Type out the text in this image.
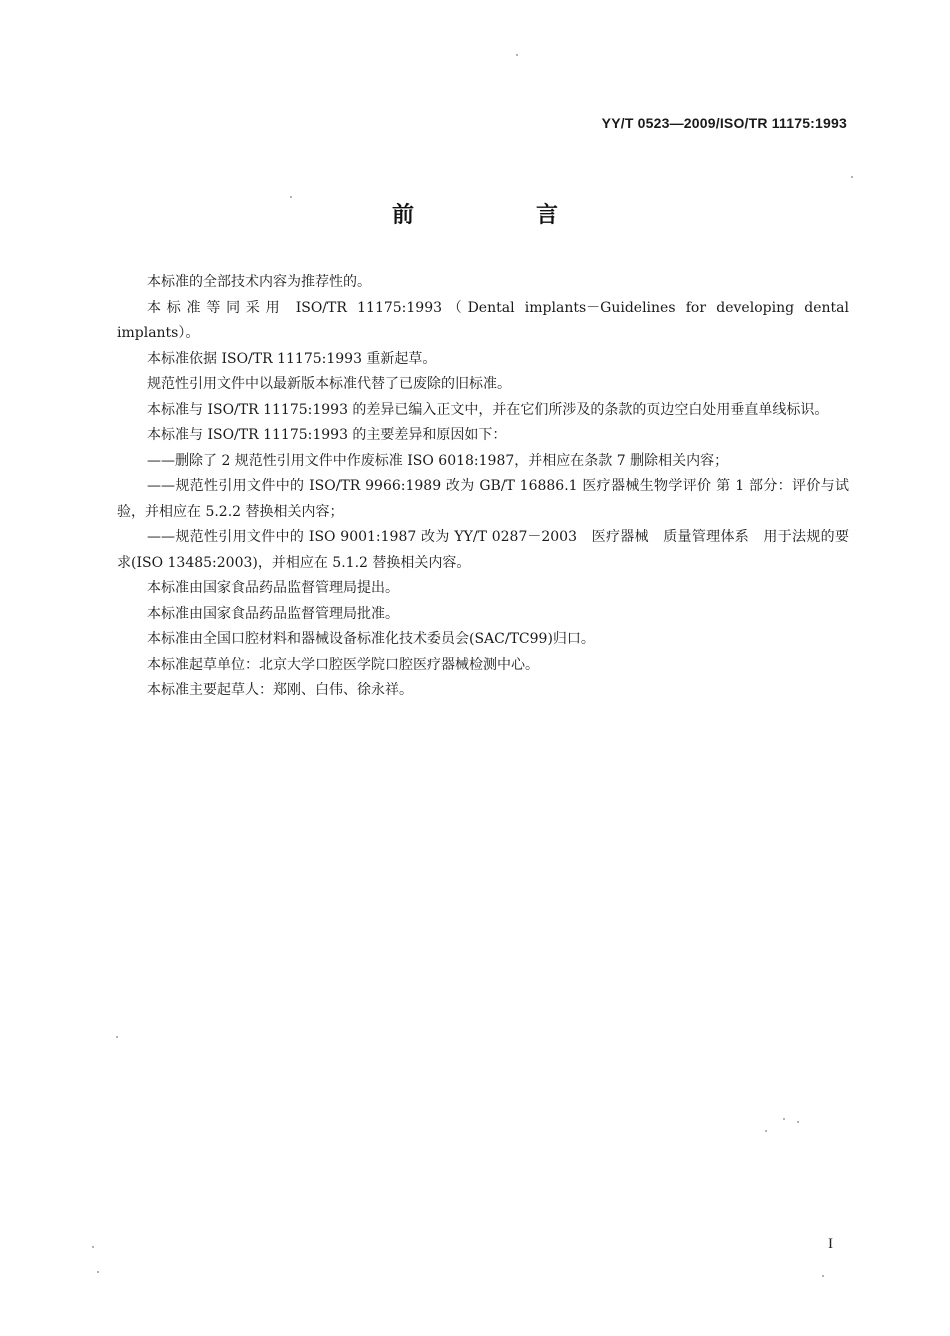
YY/T 0523—2009/ISO/TR 11175:1993
前　言

本标准的全部技术内容为推荐性的。

本标准等同采用 ISO/TR 11175:1993（Dental implants－Guidelines for developing dental implants）。

本标准依据 ISO/TR 11175:1993 重新起草。

规范性引用文件中以最新版本标准代替了已废除的旧标准。

本标准与 ISO/TR 11175:1993 的差异已编入正文中，并在它们所涉及的条款的页边空白处用垂直单线标识。

本标准与 ISO/TR 11175:1993 的主要差异和原因如下：

——删除了 2 规范性引用文件中作废标准 ISO 6018:1987，并相应在条款 7 删除相关内容；

——规范性引用文件中的 ISO/TR 9966:1989 改为 GB/T 16886.1 医疗器械生物学评价 第 1 部分：评价与试验，并相应在 5.2.2 替换相关内容；

——规范性引用文件中的 ISO 9001:1987 改为 YY/T 0287－2003　医疗器械　质量管理体系　用于法规的要求(ISO 13485:2003)，并相应在 5.1.2 替换相关内容。

本标准由国家食品药品监督管理局提出。

本标准由国家食品药品监督管理局批准。

本标准由全国口腔材料和器械设备标准化技术委员会(SAC/TC99)归口。

本标准起草单位：北京大学口腔医学院口腔医疗器械检测中心。

本标准主要起草人：郑刚、白伟、徐永祥。

I
